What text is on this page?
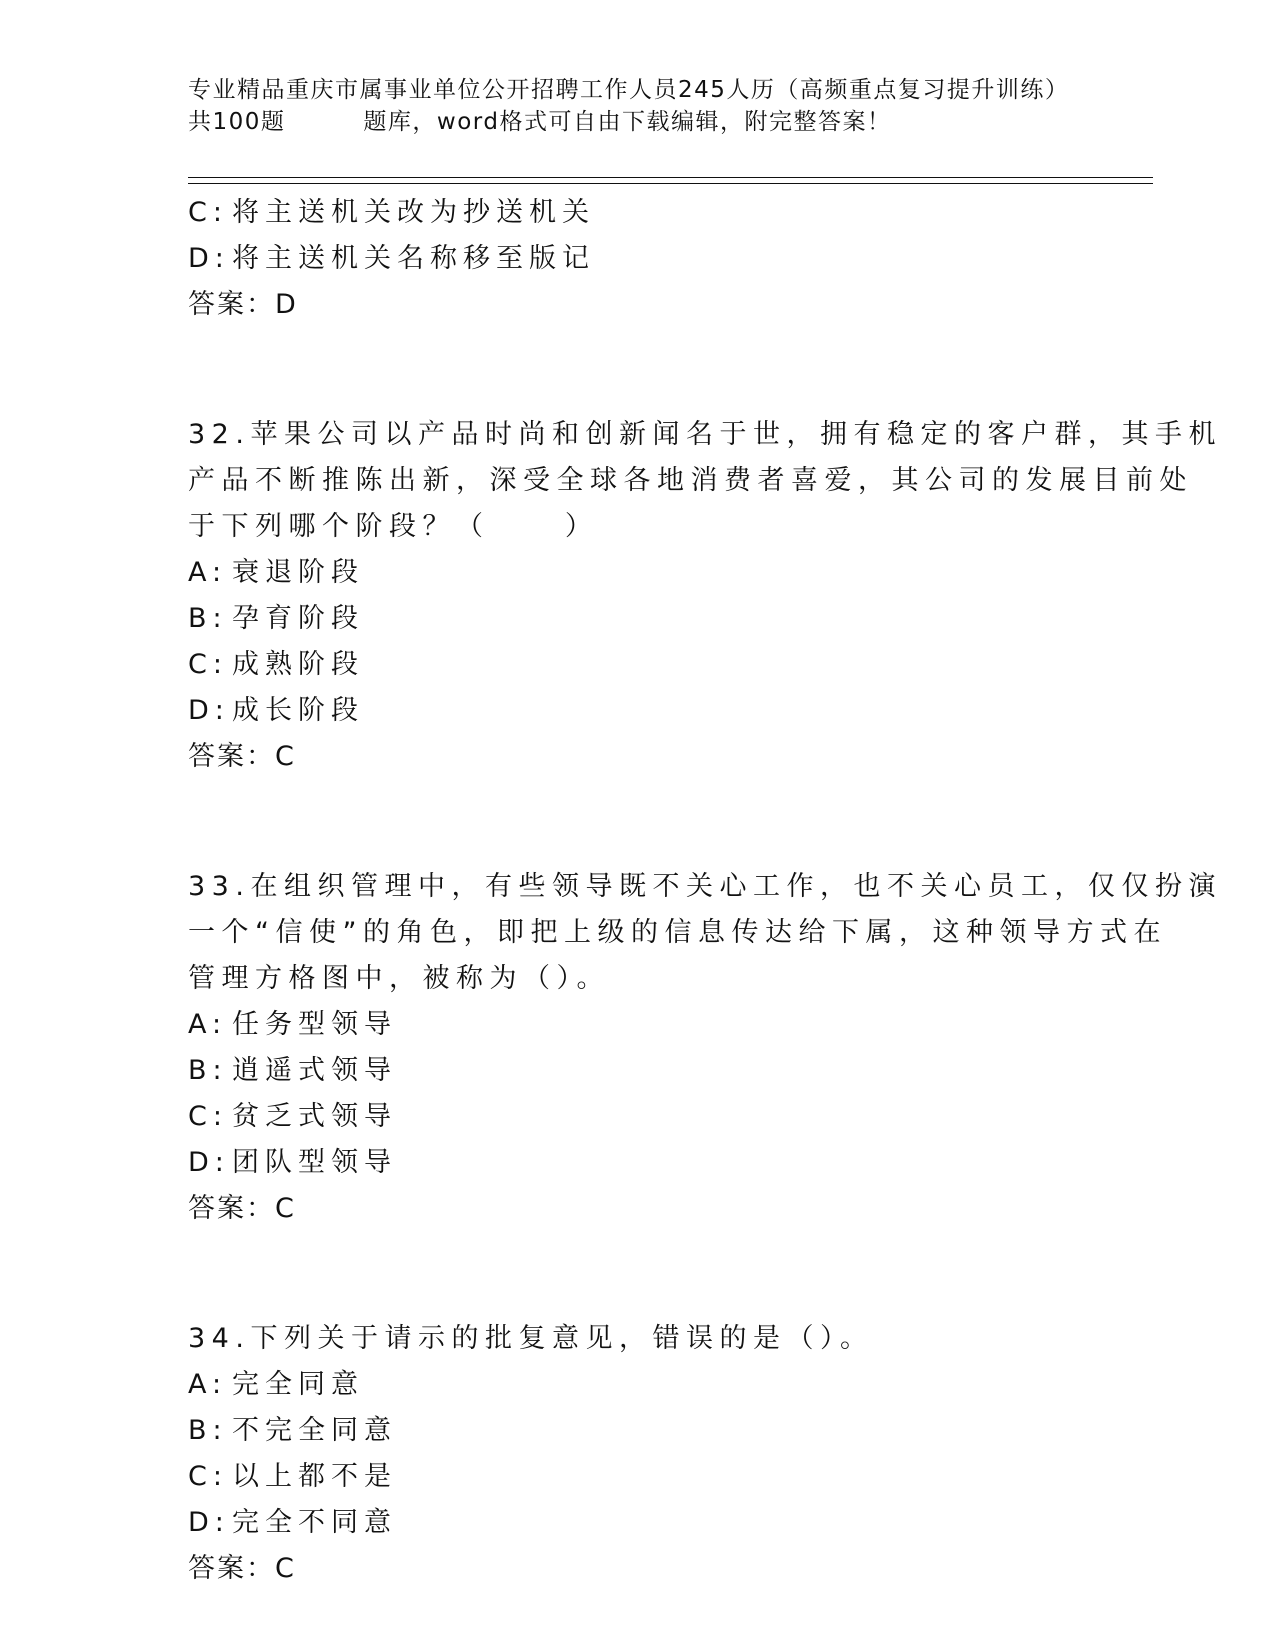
专业精品重庆市属事业单位公开招聘工作人员245人历（高频重点复习提升训练）
共100题	题库，word格式可自由下载编辑，附完整答案！
C: 将主送机关改为抄送机关
D:将主送机关名称移至版记
答案：D
32.苹果公司以产品时尚和创新闻名于世，拥有稳定的客户群，其手机
产品不断推陈出新，深受全球各地消费者喜爱，其公司的发展目前处
于下列哪个阶段？（     ）
A: 衰退阶段
B: 孕育阶段
C: 成熟阶段
D:成长阶段
答案：C
33.在组织管理中，有些领导既不关心工作，也不关心员工，仅仅扮演
一个“信使”的角色，即把上级的信息传达给下属，这种领导方式在
管理方格图中，被称为（）。
A: 任务型领导
B: 逍遥式领导
C: 贫乏式领导
D:团队型领导
答案：C
34.下列关于请示的批复意见，错误的是（）。
A: 完全同意
B: 不完全同意
C: 以上都不是
D:完全不同意
答案：C
